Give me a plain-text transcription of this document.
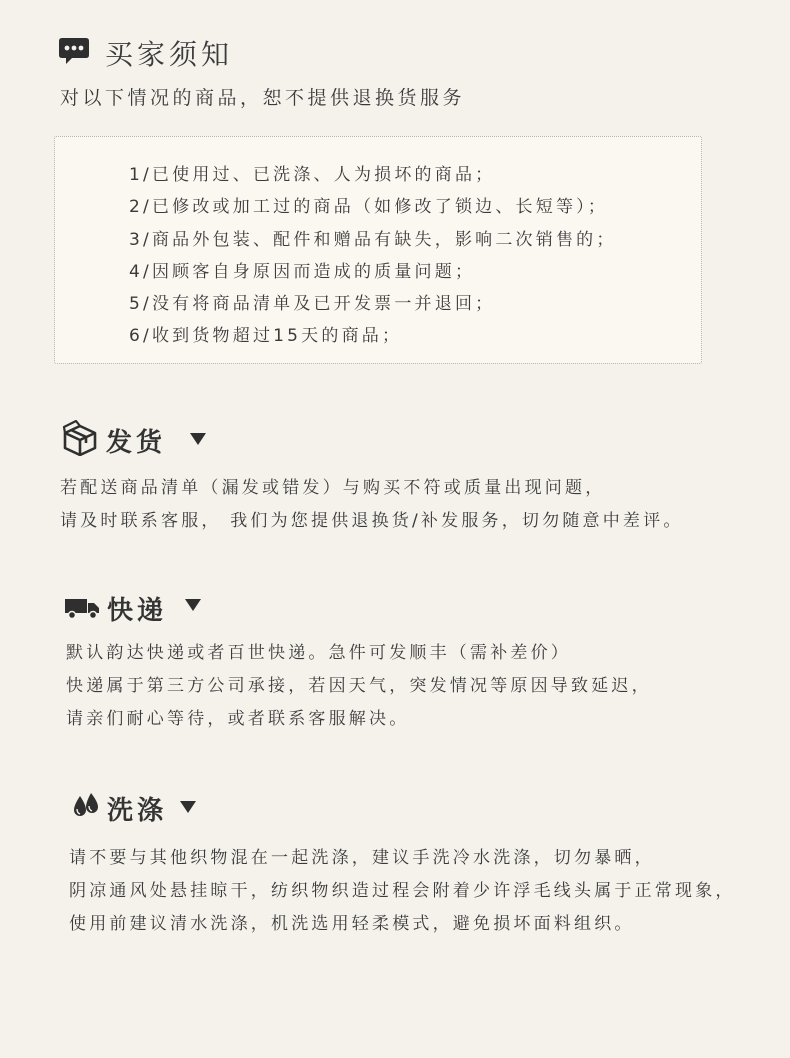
买家须知
对以下情况的商品，恕不提供退换货服务
1/已使用过、已洗涤、人为损坏的商品；
2/已修改或加工过的商品（如修改了锁边、长短等）；
3/商品外包装、配件和赠品有缺失，影响二次销售的；
4/因顾客自身原因而造成的质量问题；
5/没有将商品清单及已开发票一并退回；
6/收到货物超过15天的商品；
发货
若配送商品清单（漏发或错发）与购买不符或质量出现问题，
请及时联系客服， 我们为您提供退换货/补发服务，切勿随意中差评。
快递
默认韵达快递或者百世快递。急件可发顺丰（需补差价）
快递属于第三方公司承接，若因天气，突发情况等原因导致延迟，
请亲们耐心等待，或者联系客服解决。
洗涤
请不要与其他织物混在一起洗涤，建议手洗冷水洗涤，切勿暴晒，
阴凉通风处悬挂晾干，纺织物织造过程会附着少许浮毛线头属于正常现象，
使用前建议清水洗涤，机洗选用轻柔模式，避免损坏面料组织。
